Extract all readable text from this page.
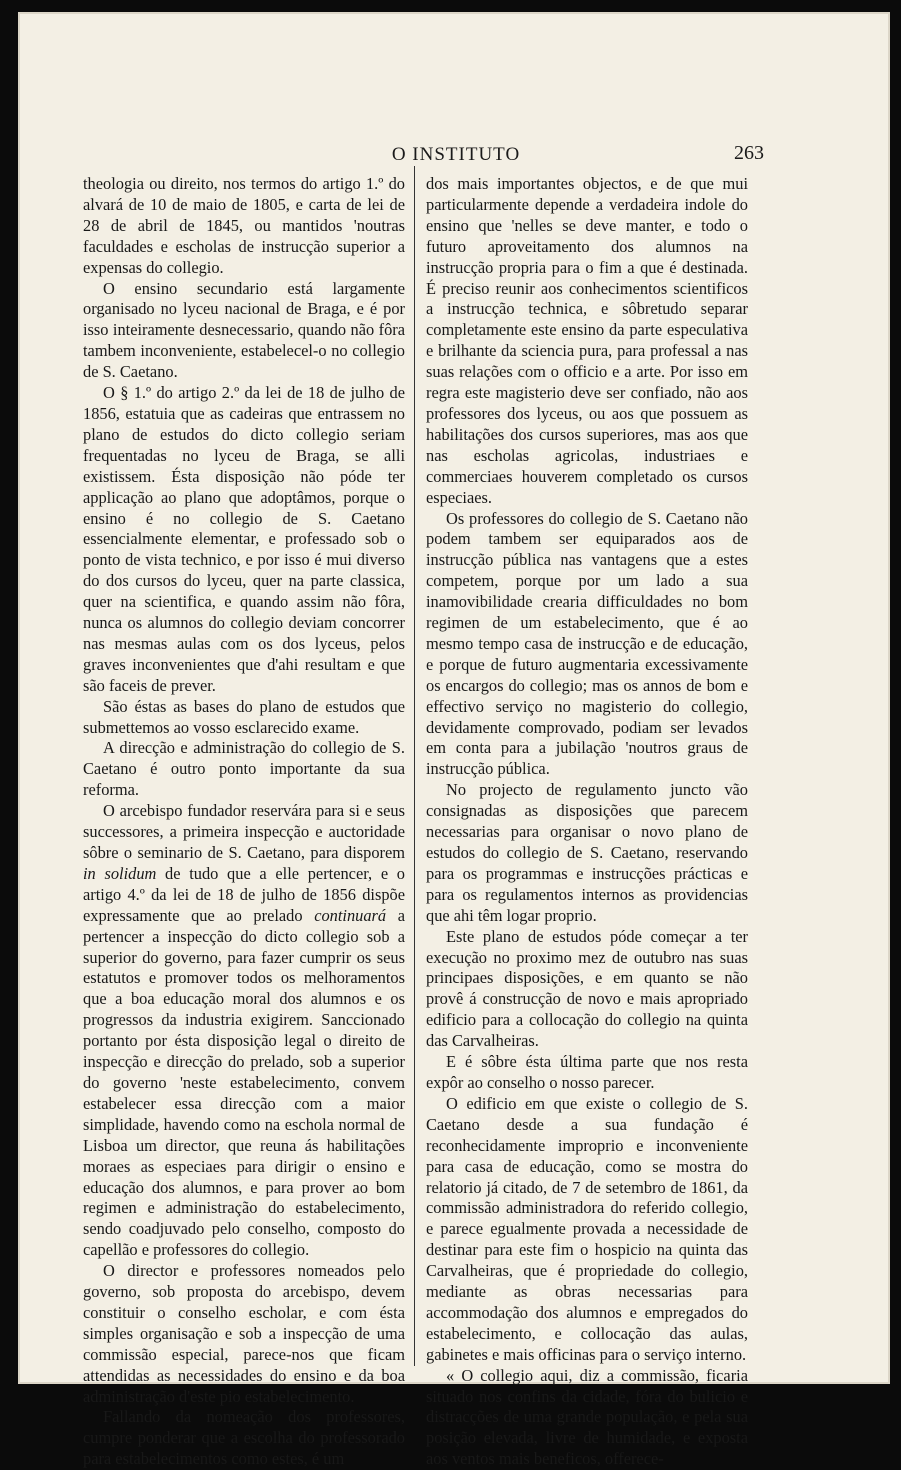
O INSTITUTO	263

theologia ou direito, nos termos do artigo 1.º do alvará de 10 de maio de 1805, e carta de lei de 28 de abril de 1845, ou mantidos 'noutras faculdades e escholas de instrucção superior a expensas do collegio.

O ensino secundario está largamente organisado no lyceu nacional de Braga, e é por isso inteiramente desnecessario, quando não fôra tambem inconveniente, estabelecel-o no collegio de S. Caetano.

O § 1.º do artigo 2.º da lei de 18 de julho de 1856, estatuia que as cadeiras que entrassem no plano de estudos do dicto collegio seriam frequentadas no lyceu de Braga, se alli existissem. Ésta disposição não póde ter applicação ao plano que adoptâmos, porque o ensino é no collegio de S. Caetano essencialmente elementar, e professado sob o ponto de vista technico, e por isso é mui diverso do dos cursos do lyceu, quer na parte classica, quer na scientifica, e quando assim não fôra, nunca os alumnos do collegio deviam concorrer nas mesmas aulas com os dos lyceus, pelos graves inconvenientes que d'ahi resultam e que são faceis de prever.

São éstas as bases do plano de estudos que submettemos ao vosso esclarecido exame.

A direcção e administração do collegio de S. Caetano é outro ponto importante da sua reforma.

O arcebispo fundador reservára para si e seus successores, a primeira inspecção e auctoridade sôbre o seminario de S. Caetano, para disporem in solidum de tudo que a elle pertencer, e o artigo 4.º da lei de 18 de julho de 1856 dispõe expressamente que ao prelado continuará a pertencer a inspecção do dicto collegio sob a superior do governo, para fazer cumprir os seus estatutos e promover todos os melhoramentos que a boa educação moral dos alumnos e os progressos da industria exigirem. Sanccionado portanto por ésta disposição legal o direito de inspecção e direcção do prelado, sob a superior do governo 'neste estabelecimento, convem estabelecer essa direcção com a maior simplidade, havendo como na eschola normal de Lisboa um director, que reuna ás habilitações moraes as especiaes para dirigir o ensino e educação dos alumnos, e para prover ao bom regimen e administração do estabelecimento, sendo coadjuvado pelo conselho, composto do capellão e professores do collegio.

O director e professores nomeados pelo governo, sob proposta do arcebispo, devem constituir o conselho escholar, e com ésta simples organisação e sob a inspecção de uma commissão especial, parece-nos que ficam attendidas as necessidades do ensino e da boa administração d'este pio estabelecimento.

Fallando da nomeação dos professores, cumpre ponderar que a escolha do professorado para estabelecimentos como estes, é um

dos mais importantes objectos, e de que mui particularmente depende a verdadeira indole do ensino que 'nelles se deve manter, e todo o futuro aproveitamento dos alumnos na instrucção propria para o fim a que é destinada. É preciso reunir aos conhecimentos scientificos a instrucção technica, e sôbretudo separar completamente este ensino da parte especulativa e brilhante da sciencia pura, para professal a nas suas relações com o officio e a arte. Por isso em regra este magisterio deve ser confiado, não aos professores dos lyceus, ou aos que possuem as habilitações dos cursos superiores, mas aos que nas escholas agricolas, industriaes e commerciaes houverem completado os cursos especiaes.

Os professores do collegio de S. Caetano não podem tambem ser equiparados aos de instrucção pública nas vantagens que a estes competem, porque por um lado a sua inamovibilidade crearia difficuldades no bom regimen de um estabelecimento, que é ao mesmo tempo casa de instrucção e de educação, e porque de futuro augmentaria excessivamente os encargos do collegio; mas os annos de bom e effectivo serviço no magisterio do collegio, devidamente comprovado, podiam ser levados em conta para a jubilação 'noutros graus de instrucção pública.

No projecto de regulamento juncto vão consignadas as disposições que parecem necessarias para organisar o novo plano de estudos do collegio de S. Caetano, reservando para os programmas e instrucções prácticas e para os regulamentos internos as providencias que ahi têm logar proprio.

Este plano de estudos póde começar a ter execução no proximo mez de outubro nas suas principaes disposições, e em quanto se não provê á construcção de novo e mais apropriado edificio para a collocação do collegio na quinta das Carvalheiras.

E é sôbre ésta última parte que nos resta expôr ao conselho o nosso parecer.

O edificio em que existe o collegio de S. Caetano desde a sua fundação é reconhecidamente improprio e inconveniente para casa de educação, como se mostra do relatorio já citado, de 7 de setembro de 1861, da commissão administradora do referido collegio, e parece egualmente provada a necessidade de destinar para este fim o hospicio na quinta das Carvalheiras, que é propriedade do collegio, mediante as obras necessarias para accommodação dos alumnos e empregados do estabelecimento, e collocação das aulas, gabinetes e mais officinas para o serviço interno.

« O collegio aqui, diz a commissão, ficaria situado nos confins da cidade, fóra do bulicio e distracções de uma grande população, e pela sua posição elevada, livre de humidade, e exposta aos ventos mais beneficos, offerece-
